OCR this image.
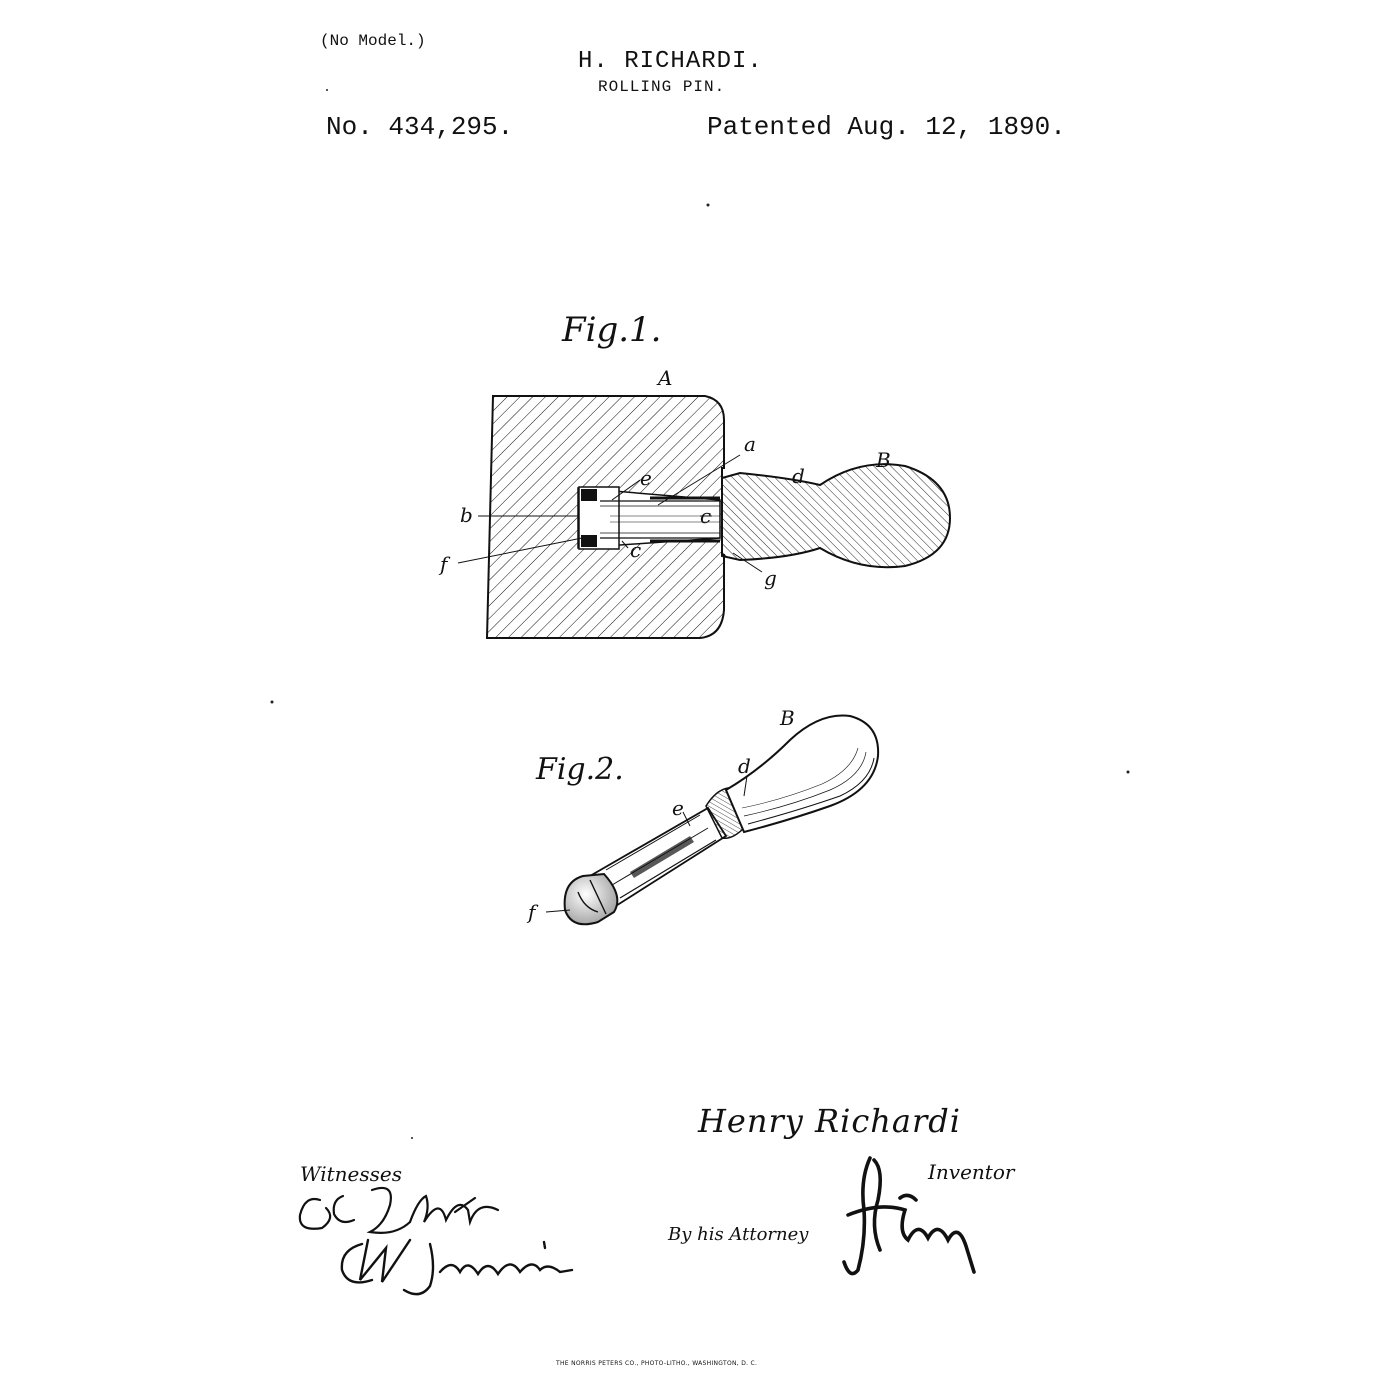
(No Model.)
H. RICHARDI.
ROLLING PIN.
No. 434,295.	Patented Aug. 12, 1890.
Fig.1.
A
a
B
d
e
b	c
f
c
g
Fig.2.
B
d
e
f
Henry Richardi
Inventor
Witnesses
By his Attorney
THE NORRIS PETERS CO., PHOTO-LITHO., WASHINGTON, D. C.
